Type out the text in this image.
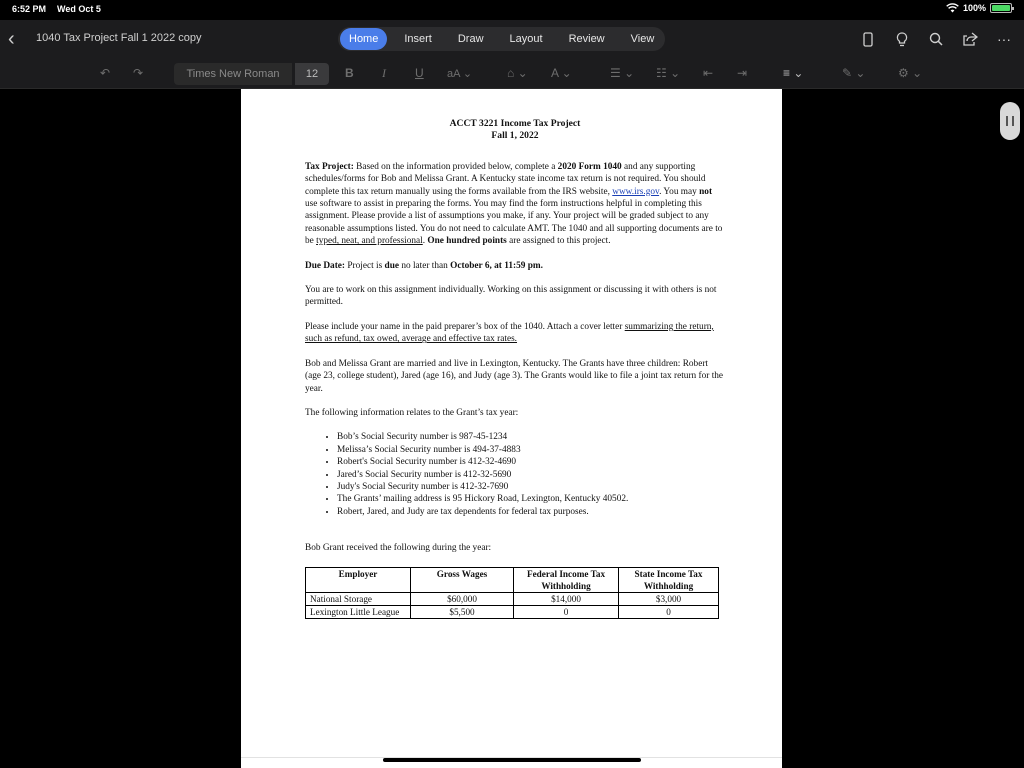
6:52 PM Wed Oct 5	100%
‹ 1040 Tax Project Fall 1 2022 copy	Home	Insert	Draw	Layout	Review	View	···
↶ ↷	Times New Roman	12	B I U aA ⌄	⌂ ⌄ A ⌄	☰ ⌄ ☷ ⌄ ⇤ ⇥	≡ ⌄	✎ ⌄	⚙ ⌄
ACCT 3221 Income Tax Project
Fall 1, 2022

Tax Project: Based on the information provided below, complete a 2020 Form 1040 and any supporting schedules/forms for Bob and Melissa Grant. A Kentucky state income tax return is not required. You should complete this tax return manually using the forms available from the IRS website, www.irs.gov. You may not use software to assist in preparing the forms. You may find the form instructions helpful in completing this assignment. Please provide a list of assumptions you make, if any. Your project will be graded subject to any reasonable assumptions listed. You do not need to calculate AMT. The 1040 and all supporting documents are to be typed, neat, and professional. One hundred points are assigned to this project.

Due Date: Project is due no later than October 6, at 11:59 pm.

You are to work on this assignment individually. Working on this assignment or discussing it with others is not permitted.

Please include your name in the paid preparer’s box of the 1040. Attach a cover letter summarizing the return, such as refund, tax owed, average and effective tax rates.

Bob and Melissa Grant are married and live in Lexington, Kentucky. The Grants have three children: Robert (age 23, college student), Jared (age 16), and Judy (age 3). The Grants would like to file a joint tax return for the year.

The following information relates to the Grant’s tax year:

• Bob’s Social Security number is 987-45-1234
• Melissa’s Social Security number is 494-37-4883
• Robert's Social Security number is 412-32-4690
• Jared’s Social Security number is 412-32-5690
• Judy's Social Security number is 412-32-7690
• The Grants’ mailing address is 95 Hickory Road, Lexington, Kentucky 40502.
• Robert, Jared, and Judy are tax dependents for federal tax purposes.

Bob Grant received the following during the year:

Employer	Gross Wages	Federal Income Tax Withholding	State Income Tax Withholding
National Storage	$60,000	$14,000	$3,000
Lexington Little League	$5,500	0	0
